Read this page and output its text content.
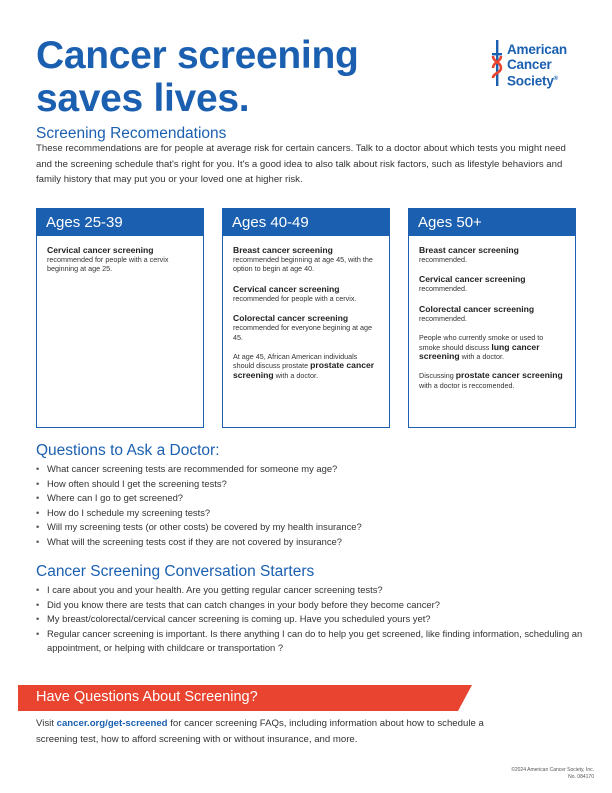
Cancer screening
saves lives.
American
Cancer
Society®
Screening Recomendations

These recommendations are for people at average risk for certain cancers. Talk to a doctor about which tests you might need and the screening schedule that's right for you. It's a good idea to also talk about risk factors, such as lifestyle behaviors and family history that may put you or your loved one at higher risk.

Ages 25-39
Cervical cancer screening
recommended for people with a cervix beginning at age 25.
Ages 40-49
Breast cancer screening
recommended beginning at age 45, with the option to begin at age 40.
Cervical cancer screening
recommended for people with a cervix.
Colorectal cancer screening
recommended for everyone begining at age 45.
At age 45, African American individuals should discuss prostate prostate cancer screening with a doctor.
Ages 50+
Breast cancer screening
recommended.
Cervical cancer screening
recommended.
Colorectal cancer screening
recommended.
People who currently smoke or used to smoke should discuss lung cancer screening with a doctor.
Discussing prostate cancer screening with a doctor is reccomended.
Questions to Ask a Doctor:
• What cancer screening tests are recommended for someone my age?
• How often should I get the screening tests?
• Where can I go to get screened?
• How do I schedule my screening tests?
• Will my screening tests (or other costs) be covered by my health insurance?
• What will the screening tests cost if they are not covered by insurance?
Cancer Screening Conversation Starters
• I care about you and your health. Are you getting regular cancer screening tests?
• Did you know there are tests that can catch changes in your body before they become cancer?
• My breast/colorectal/cervical cancer screening is coming up. Have you scheduled yours yet?
• Regular cancer screening is important. Is there anything I can do to help you get screened, like finding information, scheduling an appointment, or helping with childcare or transportation ?
Have Questions About Screening?

Visit cancer.org/get-screened for cancer screening FAQs, including information about how to schedule a screening test, how to afford screening with or without insurance, and more.

©2024 American Cancer Society, Inc.
No. 084170
